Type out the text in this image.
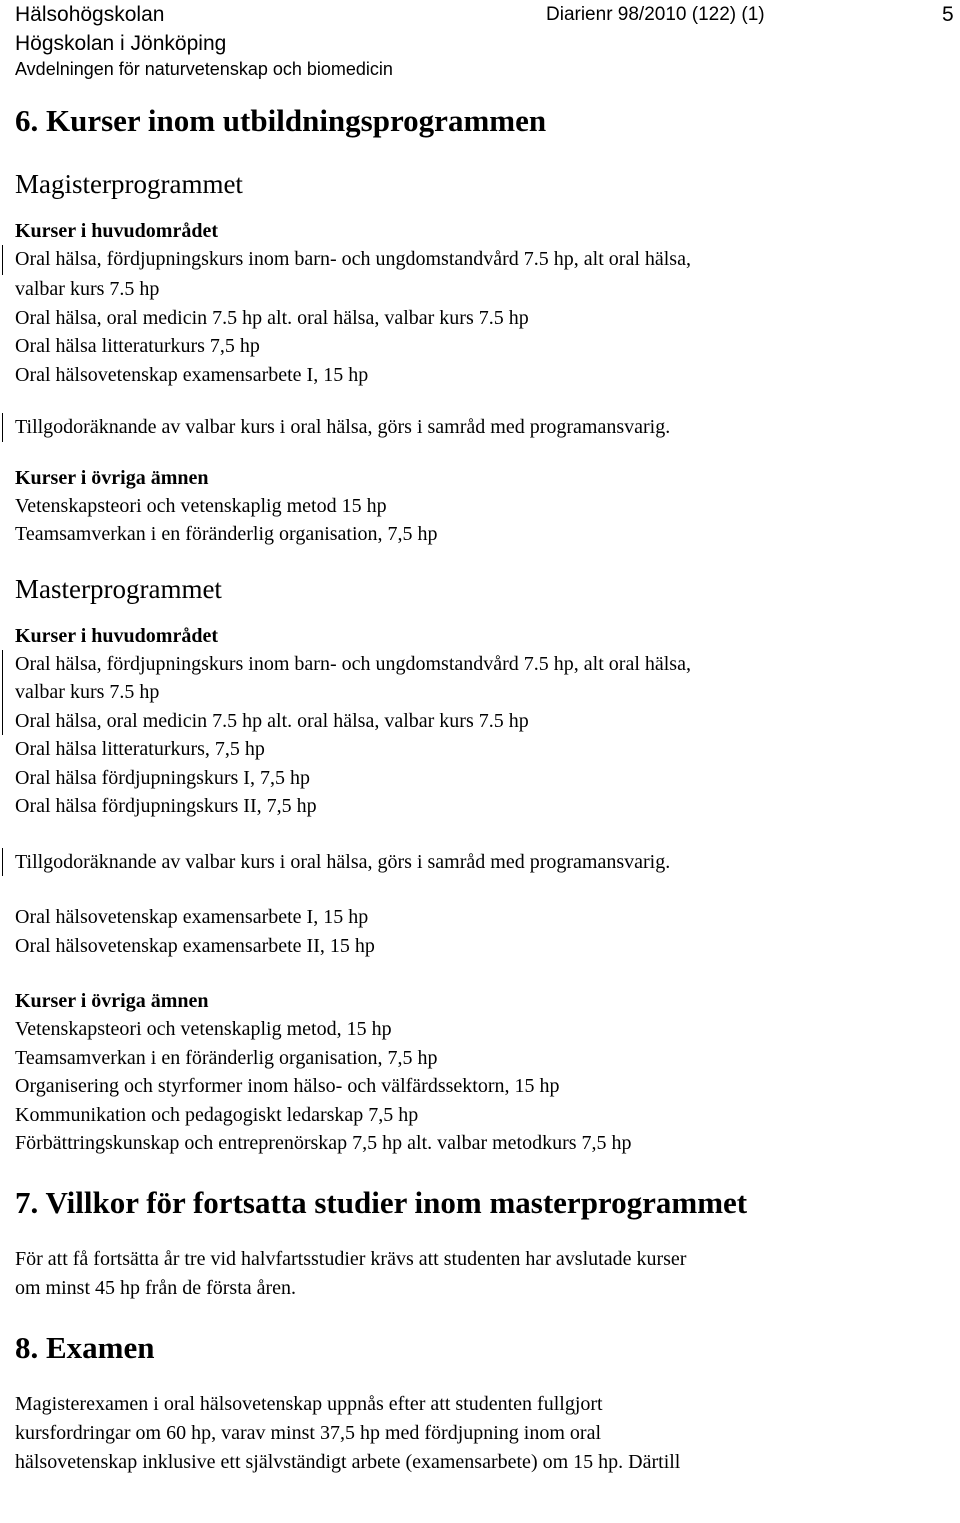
Hälsohögskolan
Högskolan i Jönköping
Avdelningen för naturvetenskap och biomedicin
Diarienr 98/2010 (122) (1)	5
6. Kurser inom utbildningsprogrammen
Magisterprogrammet
Kurser i huvudområdet
Oral hälsa, fördjupningskurs inom barn- och ungdomstandvård 7.5 hp, alt oral hälsa,
valbar kurs 7.5 hp
Oral hälsa, oral medicin 7.5 hp alt. oral hälsa, valbar kurs 7.5 hp
Oral hälsa litteraturkurs 7,5 hp
Oral hälsovetenskap examensarbete I, 15 hp
Tillgodoräknande av valbar kurs i oral hälsa, görs i samråd med programansvarig.
Kurser i övriga ämnen
Vetenskapsteori och vetenskaplig metod 15 hp
Teamsamverkan i en föränderlig organisation, 7,5 hp
Masterprogrammet
Kurser i huvudområdet
Oral hälsa, fördjupningskurs inom barn- och ungdomstandvård 7.5 hp, alt oral hälsa,
valbar kurs 7.5 hp
Oral hälsa, oral medicin 7.5 hp alt. oral hälsa, valbar kurs 7.5 hp
Oral hälsa litteraturkurs, 7,5 hp
Oral hälsa fördjupningskurs I, 7,5 hp
Oral hälsa fördjupningskurs II, 7,5 hp
Tillgodoräknande av valbar kurs i oral hälsa, görs i samråd med programansvarig.
Oral hälsovetenskap examensarbete I, 15 hp
Oral hälsovetenskap examensarbete II, 15 hp
Kurser i övriga ämnen
Vetenskapsteori och vetenskaplig metod, 15 hp
Teamsamverkan i en föränderlig organisation, 7,5 hp
Organisering och styrformer inom hälso- och välfärdssektorn, 15 hp
Kommunikation och pedagogiskt ledarskap 7,5 hp
Förbättringskunskap och entreprenörskap 7,5 hp alt. valbar metodkurs 7,5 hp
7. Villkor för fortsatta studier inom masterprogrammet
För att få fortsätta år tre vid halvfartsstudier krävs att studenten har avslutade kurser
om minst 45 hp från de första åren.
8. Examen
Magisterexamen i oral hälsovetenskap uppnås efter att studenten fullgjort
kursfordringar om 60 hp, varav minst 37,5 hp med fördjupning inom oral
hälsovetenskap inklusive ett självständigt arbete (examensarbete) om 15 hp. Därtill
